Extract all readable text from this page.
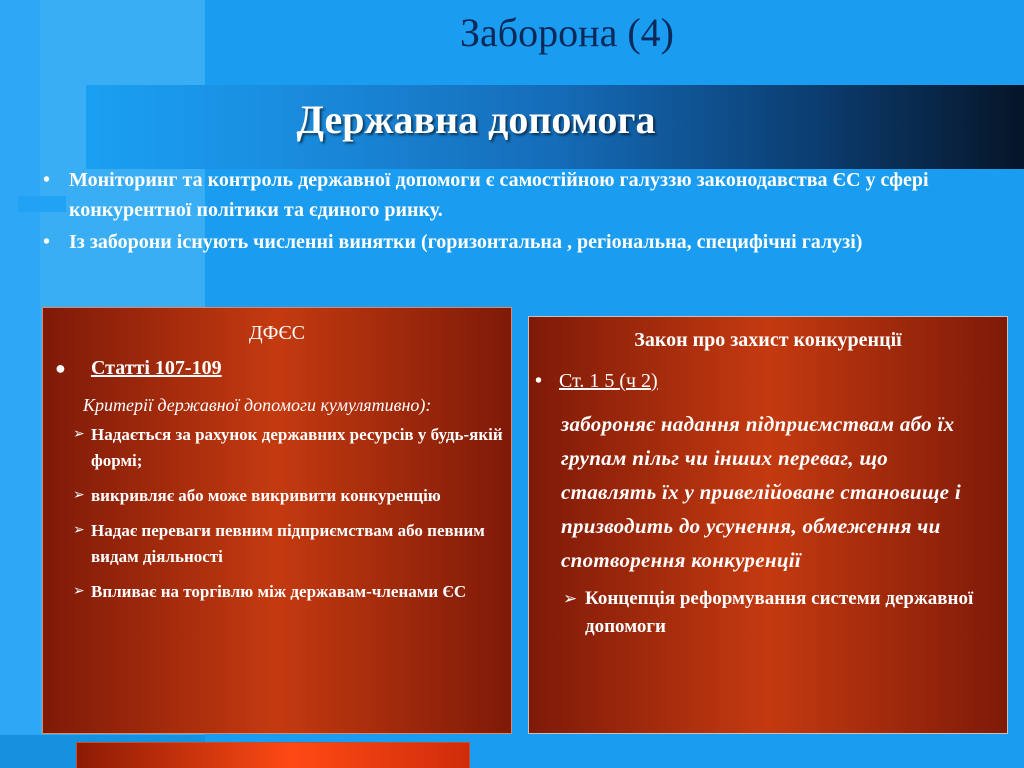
Заборона (4)
Державна допомога
• Моніторинг та контроль державної допомоги є самостійною галуззю законодавства ЄС у сфері конкурентної політики та єдиного ринку.
• Із заборони існують численні винятки (горизонтальна , регіональна, специфічні галузі)
ДФЄС
●	Статті 107-109
Критерії державної допомоги кумулятивно):
➢ Надається за рахунок державних ресурсів у будь-якій формі;
➢ викривляє або може викривити конкуренцію
➢ Надає переваги певним підприємствам або певним видам діяльності
➢ Впливає на торгівлю між державам-членами ЄС
Закон про захист конкуренції
• Ст. 1 5 (ч 2)
забороняє надання підприємствам або їх групам пільг чи інших переваг, що ставлять їх у привелійоване становище і призводить до усунення, обмеження чи спотворення конкуренції
➢ Концепція реформування системи державної допомоги
